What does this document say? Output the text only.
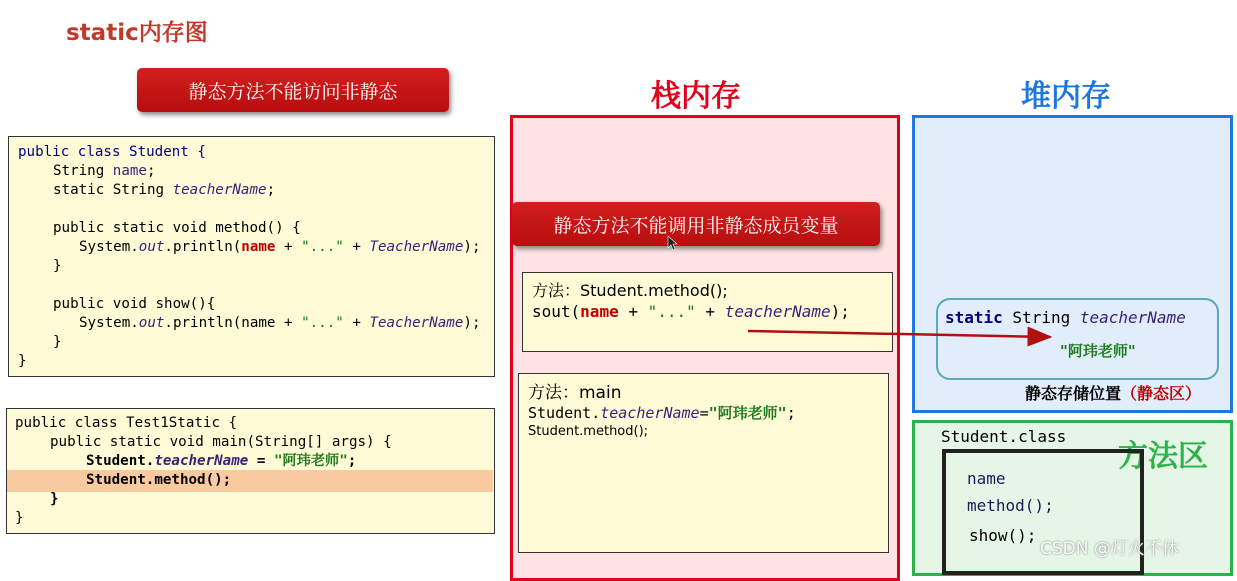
static内存图
静态方法不能访问非静态
public class Student {
String name;
static String teacherName;
public static void method() {
System.out.println(name + "..." + TeacherName);
}
public void show(){
System.out.println(name + "..." + TeacherName);
}
}
public class Test1Static {
public static void main(String[] args) {
Student.teacherName = "阿玮老师";
Student.method();
}
}
栈内存
静态方法不能调用非静态成员变量
方法：Student.method();
sout(name + "..." + teacherName);
方法：main
Student.teacherName="阿玮老师";
Student.method();
堆内存
static String teacherName
"阿玮老师"
静态存储位置（静态区）
Student.class
方法区
name
method();
show();
CSDN @灯火不休
